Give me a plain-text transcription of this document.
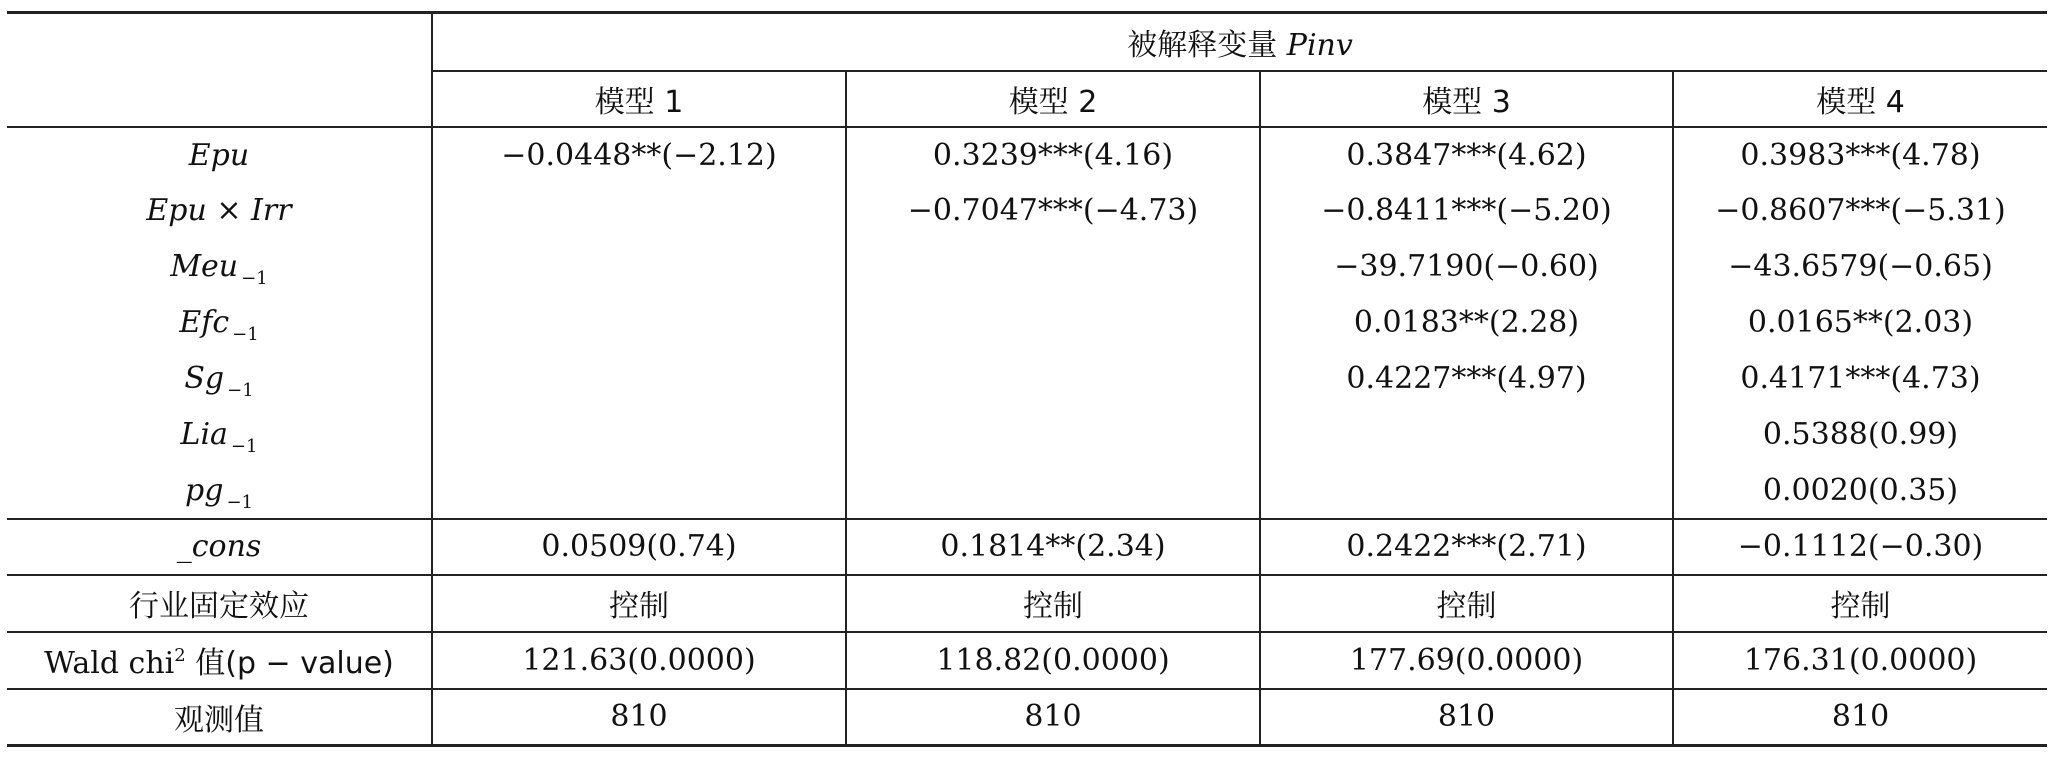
	被解释变量 Pinv			
	模型 1	模型 2	模型 3	模型 4
Epu	−0.0448**(−2.12)	0.3239***(4.16)	0.3847***(4.62)	0.3983***(4.78)
Epu × Irr		−0.7047***(−4.73)	−0.8411***(−5.20)	−0.8607***(−5.31)
Meu $_{-1}$			−39.7190(−0.60)	−43.6579(−0.65)
Efc $_{-1}$			0.0183**(2.28)	0.0165**(2.03)
Sg $_{-1}$			0.4227***(4.97)	0.4171***(4.73)
Lia $_{-1}$				0.5388(0.99)
pg $_{-1}$				0.0020(0.35)
_cons	0.0509(0.74)	0.1814**(2.34)	0.2422***(2.71)	−0.1112(−0.30)
行业固定效应	控制	控制	控制	控制
Wald chi$^2$ 值(p − value)	121.63(0.0000)	118.82(0.0000)	177.69(0.0000)	176.31(0.0000)
观测值	810	810	810	810
